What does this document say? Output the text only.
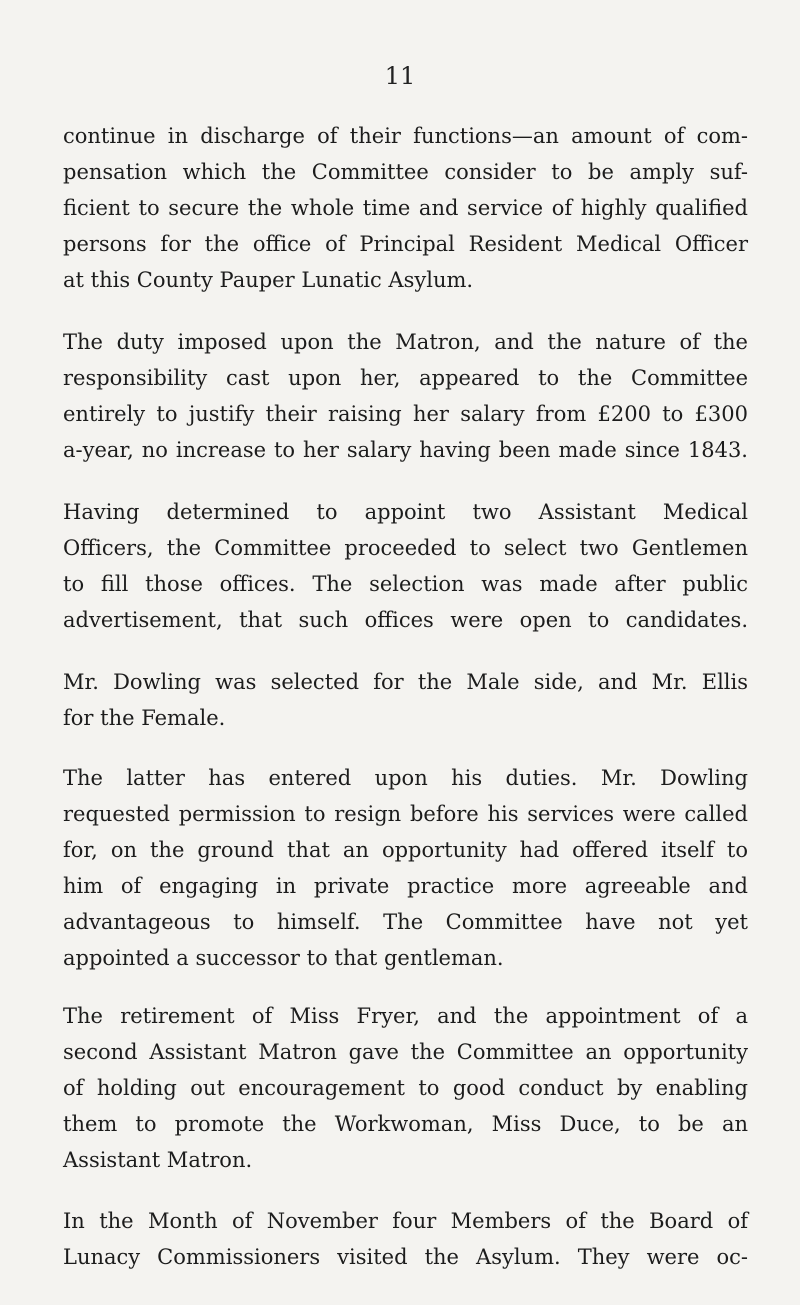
11
continue in discharge of their functions—an amount of com-
pensation which the Committee consider to be amply suf-
ficient to secure the whole time and service of highly qualified
persons for the office of Principal Resident Medical Officer
at this County Pauper Lunatic Asylum.
The duty imposed upon the Matron, and the nature of the
responsibility cast upon her, appeared to the Committee
entirely to justify their raising her salary from £200 to £300
a-year, no increase to her salary having been made since 1843.
Having determined to appoint two Assistant Medical
Officers, the Committee proceeded to select two Gentlemen
to fill those offices. The selection was made after public
advertisement, that such offices were open to candidates.
Mr. Dowling was selected for the Male side, and Mr. Ellis
for the Female.
The latter has entered upon his duties. Mr. Dowling
requested permission to resign before his services were called
for, on the ground that an opportunity had offered itself to
him of engaging in private practice more agreeable and
advantageous to himself. The Committee have not yet
appointed a successor to that gentleman.
The retirement of Miss Fryer, and the appointment of a
second Assistant Matron gave the Committee an opportunity
of holding out encouragement to good conduct by enabling
them to promote the Workwoman, Miss Duce, to be an
Assistant Matron.
In the Month of November four Members of the Board of
Lunacy Commissioners visited the Asylum. They were oc-
